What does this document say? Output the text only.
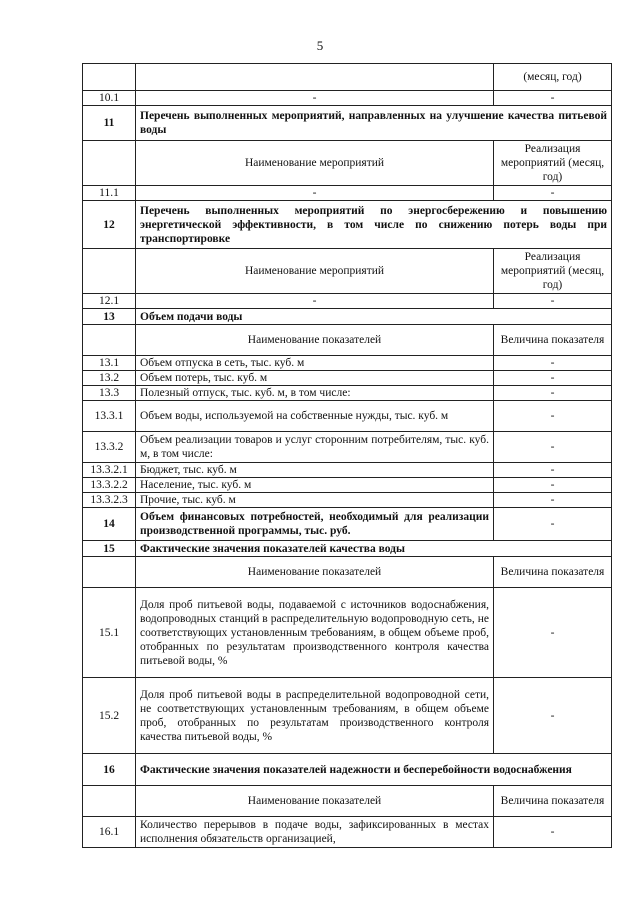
5
		(месяц, год)
10.1	-	-
11	Перечень выполненных мероприятий, направленных на улучшение качества питьевой воды	
	Наименование мероприятий	Реализация мероприятий (месяц, год)
11.1	-	-
12	Перечень выполненных мероприятий по энергосбережению и повышению энергетической эффективности, в том числе по снижению потерь воды при транспортировке	
	Наименование мероприятий	Реализация мероприятий (месяц, год)
12.1	-	-
13	Объем подачи воды	
	Наименование показателей	Величина показателя
13.1	Объем отпуска в сеть, тыс. куб. м	-
13.2	Объем потерь, тыс. куб. м	-
13.3	Полезный отпуск, тыс. куб. м, в том числе:	-
13.3.1	Объем воды, используемой на собственные нужды, тыс. куб. м	-
13.3.2	Объем реализации товаров и услуг сторонним потребителям, тыс. куб. м, в том числе:	-
13.3.2.1	Бюджет, тыс. куб. м	-
13.3.2.2	Население, тыс. куб. м	-
13.3.2.3	Прочие, тыс. куб. м	-
14	Объем финансовых потребностей, необходимый для реализации производственной программы, тыс. руб.	-
15	Фактические значения показателей качества воды	
	Наименование показателей	Величина показателя
15.1	Доля проб питьевой воды, подаваемой с источников водоснабжения, водопроводных станций в распределительную водопроводную сеть, не соответствующих установленным требованиям, в общем объеме проб, отобранных по результатам производственного контроля качества питьевой воды, %	-
15.2	Доля проб питьевой воды в распределительной водопроводной сети, не соответствующих установленным требованиям, в общем объеме проб, отобранных по результатам производственного контроля качества питьевой воды, %	-
16	Фактические значения показателей надежности и бесперебойности водоснабжения	
	Наименование показателей	Величина показателя
16.1	Количество перерывов в подаче воды, зафиксированных в местах исполнения обязательств организацией,	-
